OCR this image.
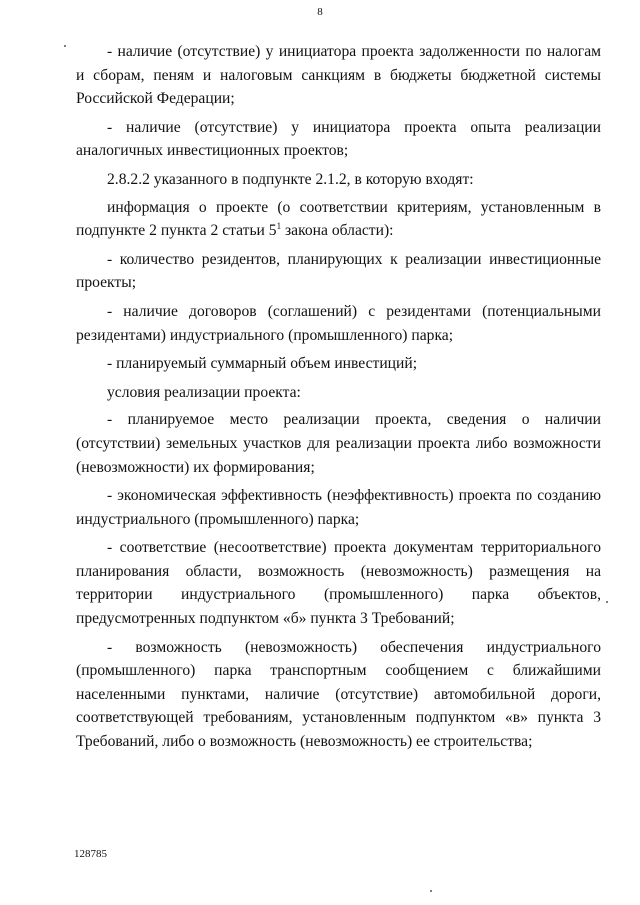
8

- наличие (отсутствие) у инициатора проекта задолженности по налогам и сборам, пеням и налоговым санкциям в бюджеты бюджетной системы Российской Федерации;

- наличие (отсутствие) у инициатора проекта опыта реализации аналогичных инвестиционных проектов;

2.8.2.2 указанного в подпункте 2.1.2, в которую входят:

информация о проекте (о соответствии критериям, установленным в подпункте 2 пункта 2 статьи $5^1$ закона области):

- количество резидентов, планирующих к реализации инвестиционные проекты;

- наличие договоров (соглашений) с резидентами (потенциальными резидентами) индустриального (промышленного) парка;

- планируемый суммарный объем инвестиций;

условия реализации проекта:

- планируемое место реализации проекта, сведения о наличии (отсутствии) земельных участков для реализации проекта либо возможности (невозможности) их формирования;

- экономическая эффективность (неэффективность) проекта по созданию индустриального (промышленного) парка;

- соответствие (несоответствие) проекта документам территориального планирования области, возможность (невозможность) размещения на территории индустриального (промышленного) парка объектов, предусмотренных подпунктом «б» пункта 3 Требований;

- возможность (невозможность) обеспечения индустриального (промышленного) парка транспортным сообщением с ближайшими населенными пунктами, наличие (отсутствие) автомобильной дороги, соответствующей требованиям, установленным подпунктом «в» пункта 3 Требований, либо о возможность (невозможность) ее строительства;

128785
